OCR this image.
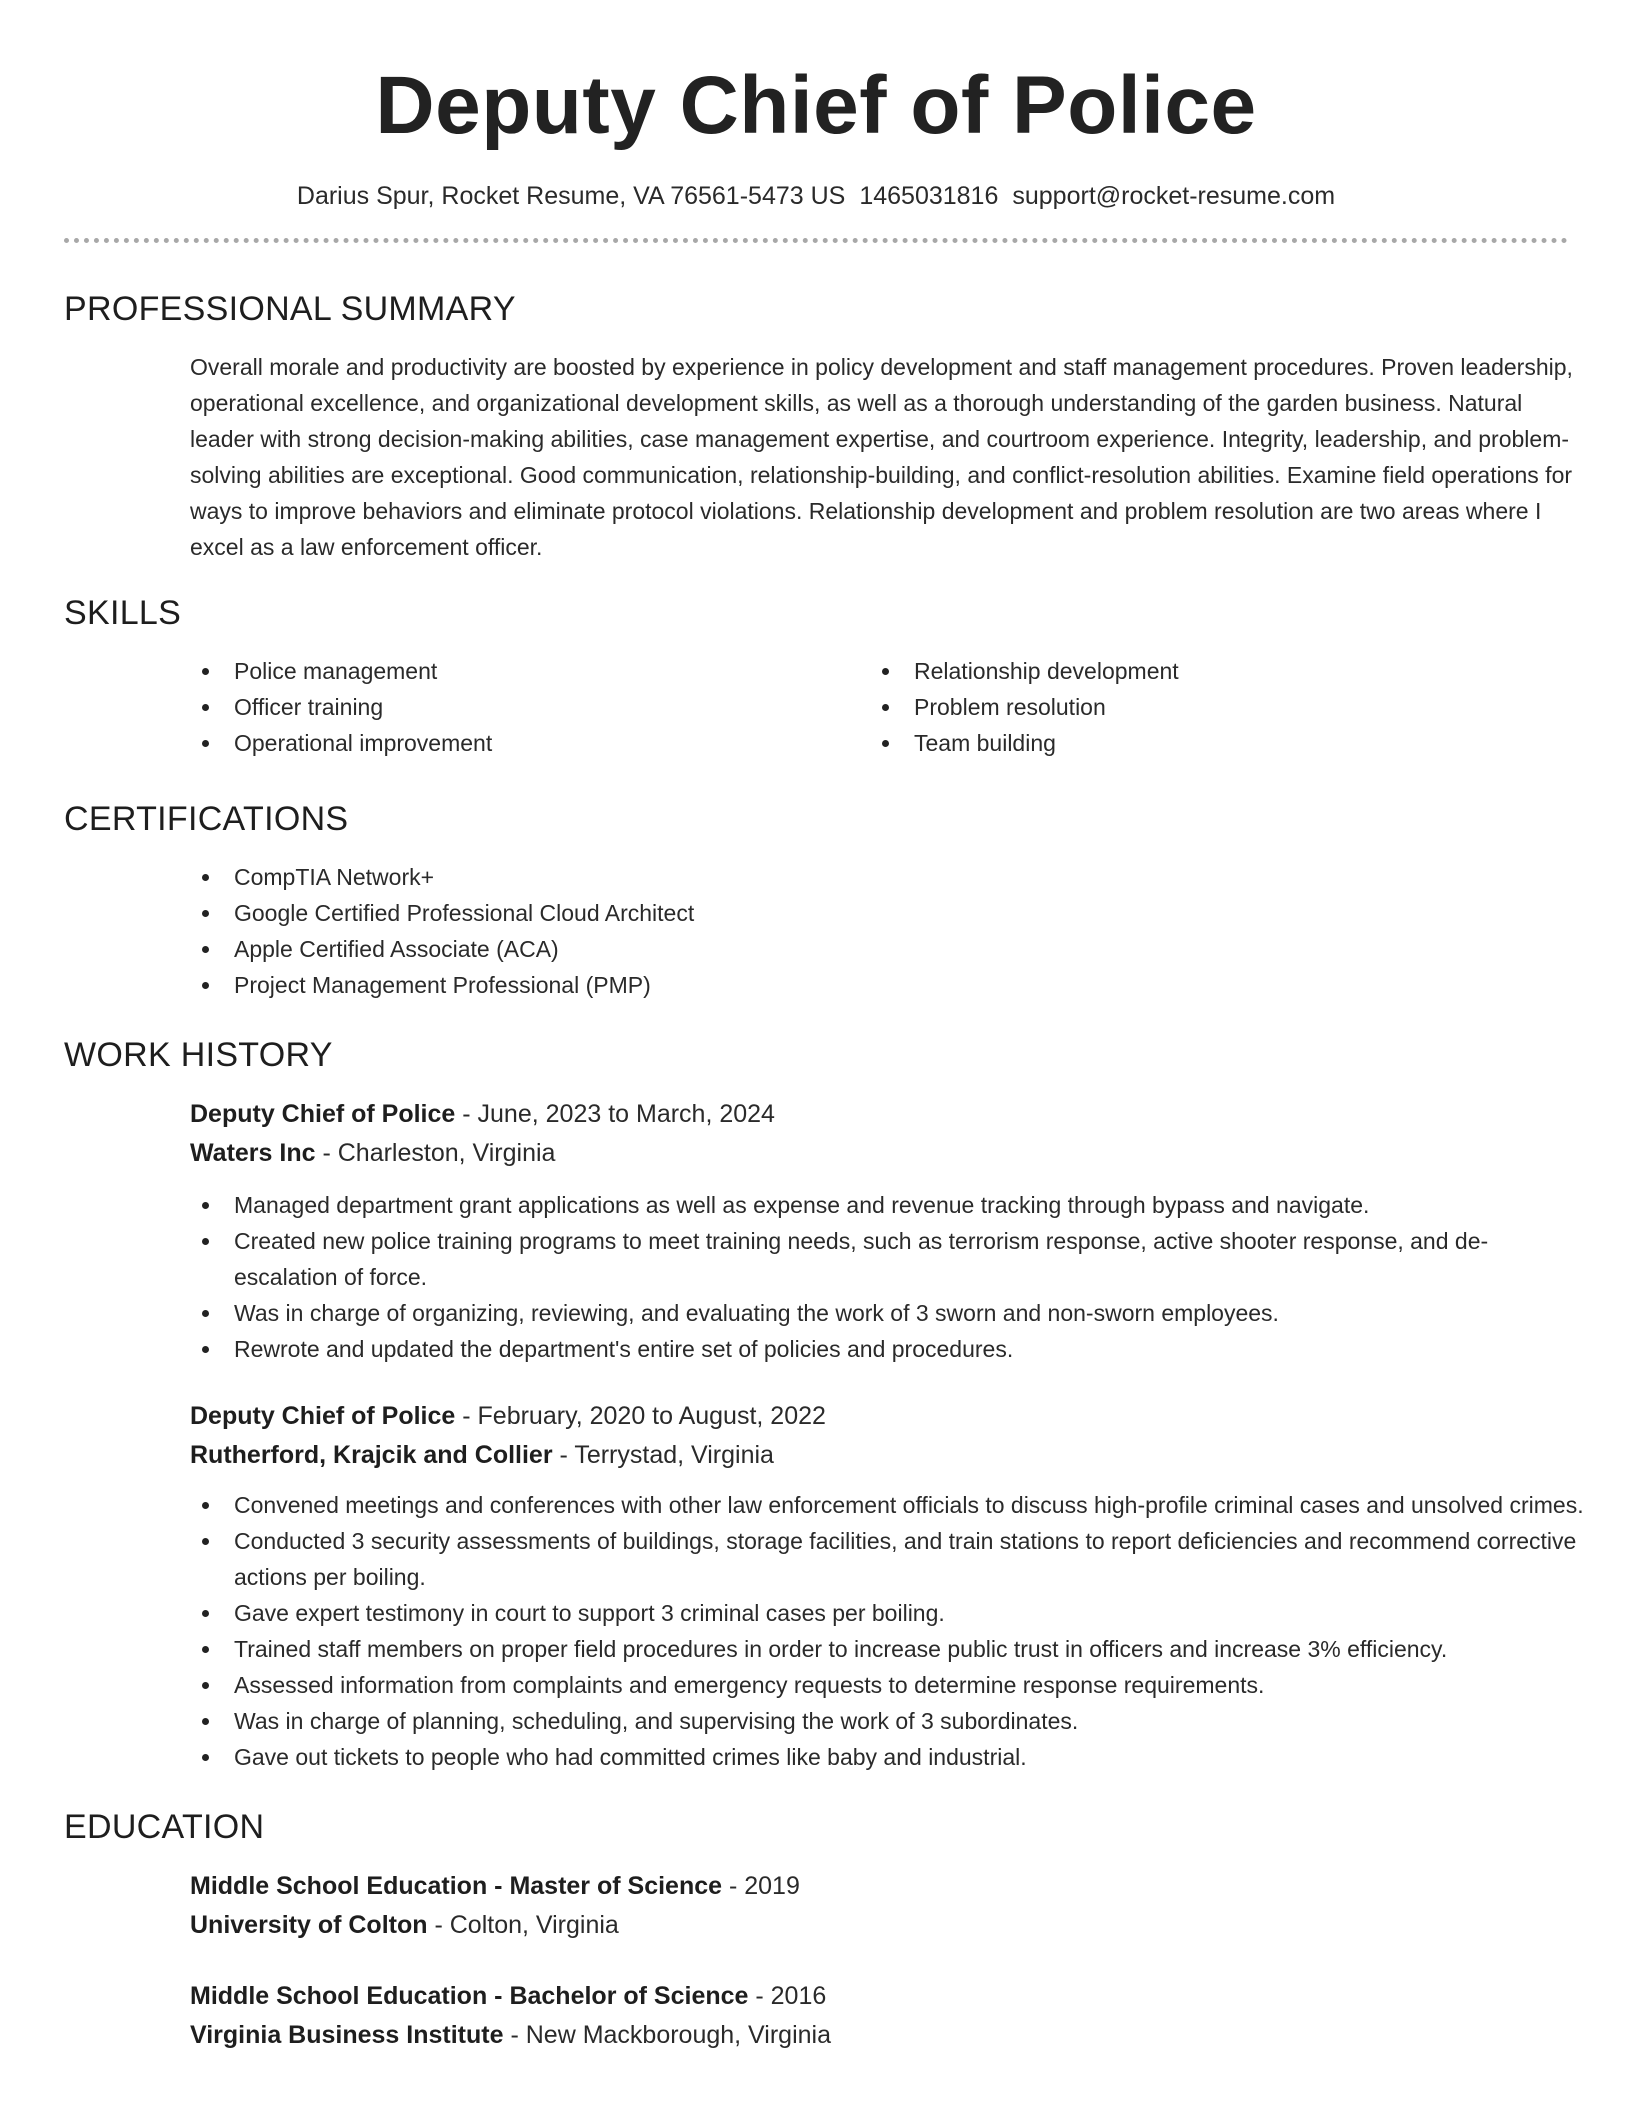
Deputy Chief of Police
Darius Spur, Rocket Resume, VA 76561-5473 US 1465031816 support@rocket-resume.com
PROFESSIONAL SUMMARY

Overall morale and productivity are boosted by experience in policy development and staff management procedures. Proven leadership, operational excellence, and organizational development skills, as well as a thorough understanding of the garden business. Natural leader with strong decision-making abilities, case management expertise, and courtroom experience. Integrity, leadership, and problem-solving abilities are exceptional. Good communication, relationship-building, and conflict-resolution abilities. Examine field operations for ways to improve behaviors and eliminate protocol violations. Relationship development and problem resolution are two areas where I excel as a law enforcement officer.

SKILLS
Police management
Officer training
Operational improvement
Relationship development
Problem resolution
Team building
CERTIFICATIONS
CompTIA Network+
Google Certified Professional Cloud Architect
Apple Certified Associate (ACA)
Project Management Professional (PMP)
WORK HISTORY
Deputy Chief of Police - June, 2023 to March, 2024
Waters Inc - Charleston, Virginia
Managed department grant applications as well as expense and revenue tracking through bypass and navigate.
Created new police training programs to meet training needs, such as terrorism response, active shooter response, and de-escalation of force.
Was in charge of organizing, reviewing, and evaluating the work of 3 sworn and non-sworn employees.
Rewrote and updated the department's entire set of policies and procedures.
Deputy Chief of Police - February, 2020 to August, 2022
Rutherford, Krajcik and Collier - Terrystad, Virginia
Convened meetings and conferences with other law enforcement officials to discuss high-profile criminal cases and unsolved crimes.
Conducted 3 security assessments of buildings, storage facilities, and train stations to report deficiencies and recommend corrective actions per boiling.
Gave expert testimony in court to support 3 criminal cases per boiling.
Trained staff members on proper field procedures in order to increase public trust in officers and increase 3% efficiency.
Assessed information from complaints and emergency requests to determine response requirements.
Was in charge of planning, scheduling, and supervising the work of 3 subordinates.
Gave out tickets to people who had committed crimes like baby and industrial.
EDUCATION
Middle School Education - Master of Science - 2019
University of Colton - Colton, Virginia
Middle School Education - Bachelor of Science - 2016
Virginia Business Institute - New Mackborough, Virginia
